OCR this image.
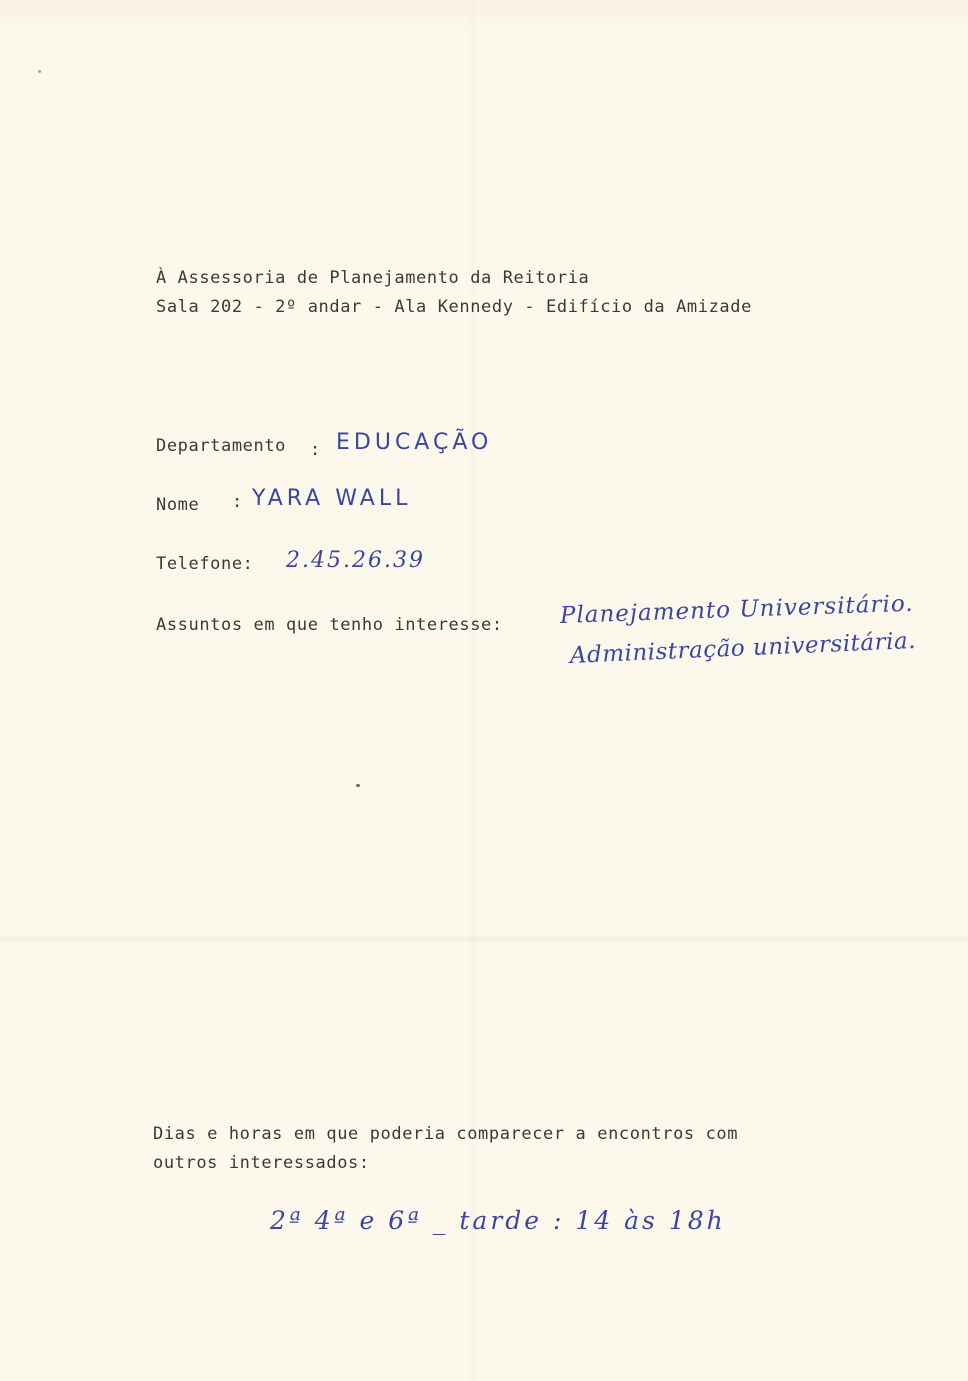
À Assessoria de Planejamento da Reitoria

Sala 202 - 2º andar - Ala Kennedy - Edifício da Amizade

Departamento : EDUCAÇÃO

Nome : YARA WALL

Telefone: 2.45.26.39

Assuntos em que tenho interesse: Planejamento Universitário.

Administração universitária.

Dias e horas em que poderia comparecer a encontros com

outros interessados:

2ª 4ª e 6ª _ tarde : 14 às 18h
